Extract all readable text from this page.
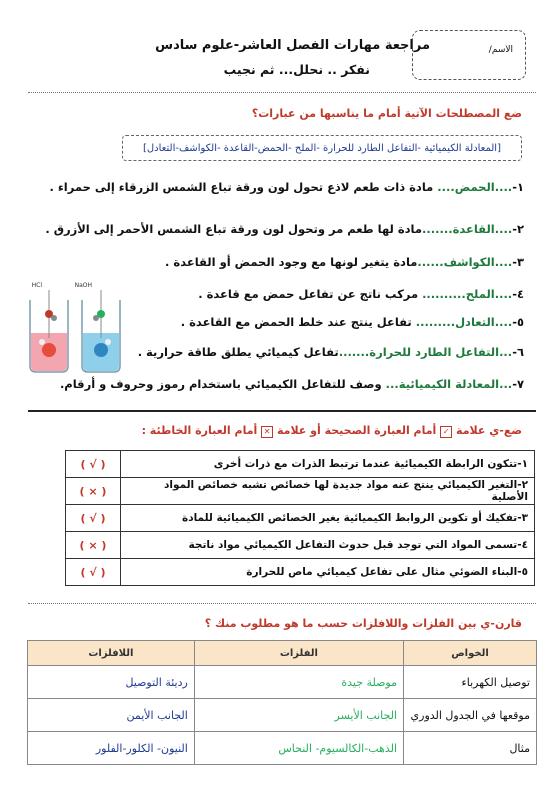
مراجعة مهارات الفصل العاشر-علوم سادس
نفكر .. نحلل... ثم نجيب
الاسم/
ضع المصطلحات الآتية أمام ما يناسبها من عبارات؟
[المعادلة الكيميائية -التفاعل الطارد للحرارة -الملح -الحمض-القاعدة -الكواشف-التعادل]
١-....الحمض.... مادة ذات طعم لاذع تحول لون ورقة تباع الشمس الزرقاء إلى حمراء .
٢-....القاعدة.......مادة لها طعم مر وتحول لون ورقة تباع الشمس الأحمر إلى الأزرق .
٣-....الكواشف......مادة يتغير لونها مع وجود الحمض أو القاعدة .
٤-....الملح.......... مركب ناتج عن تفاعل حمض مع قاعدة .
٥-....التعادل......... تفاعل ينتج عند خلط الحمض مع القاعدة .
٦-...التفاعل الطارد للحرارة.......تفاعل كيميائي يطلق طاقة حرارية .
٧-...المعادلة الكيميائية... وصف للتفاعل الكيميائي باستخدام رموز وحروف و أرقام.
HCl	NaOH
ضع-ي علامة ✓ أمام العبارة الصحيحة أو علامة ✕ أمام العبارة الخاطئة :
١-تتكون الرابطة الكيميائية عندما ترتبط الذرات مع ذرات أخرى	( √ )
٢-التغير الكيميائي ينتج عنه مواد جديدة لها خصائص تشبه خصائص المواد الأصلية	( × )
٣-تفكيك أو تكوين الروابط الكيميائية يغير الخصائص الكيميائية للمادة	( √ )
٤-تسمى المواد التي توجد قبل حدوث التفاعل الكيميائي مواد ناتجة	( × )
٥-البناء الضوئي مثال على تفاعل كيميائي ماص للحرارة	( √ )
قارن-ي بين الفلزات واللافلزات حسب ما هو مطلوب منك ؟
الخواص	الفلزات	اللافلزات
توصيل الكهرباء	موصلة جيدة	رديئة التوصيل
موقعها في الجدول الدوري	الجانب الأيسر	الجانب الأيمن
مثال	الذهب-الكالسيوم- النحاس	النيون- الكلور-الفلور
